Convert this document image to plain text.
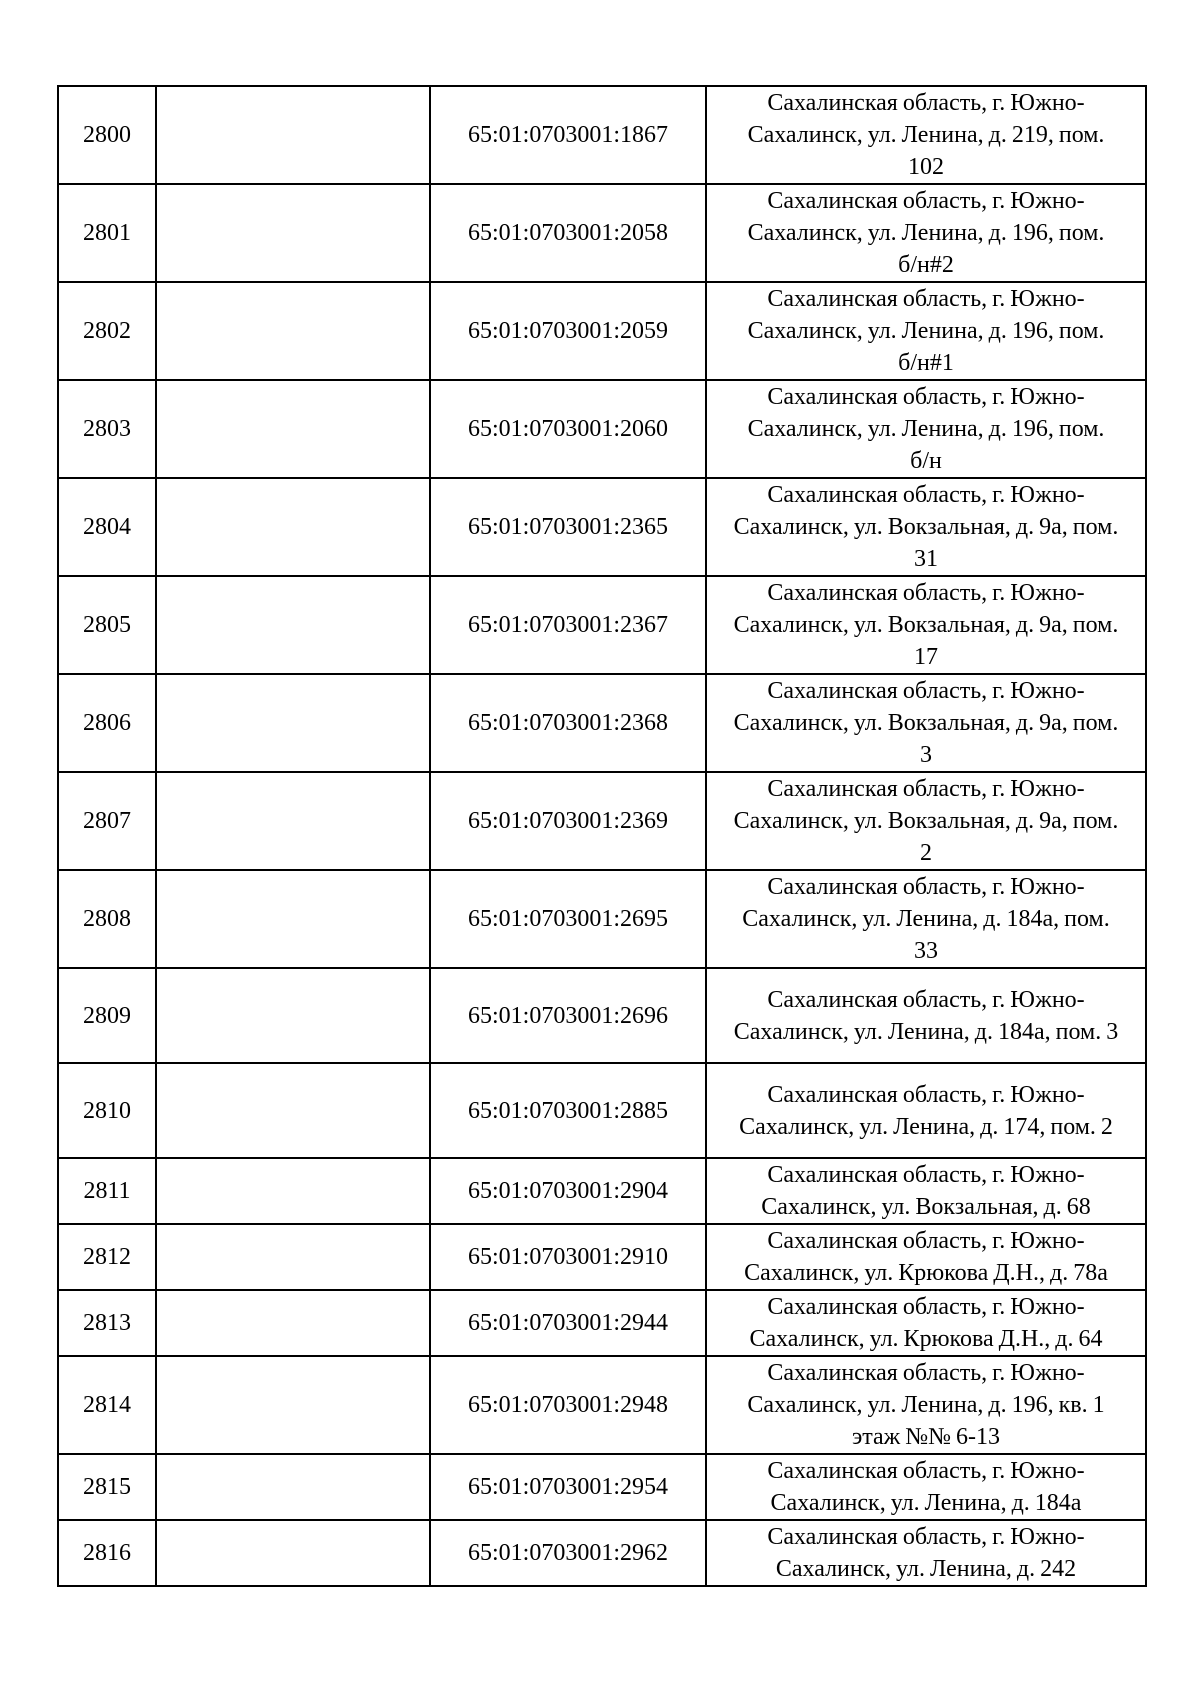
2800		65:01:0703001:1867	Сахалинская область, г. Южно-
Сахалинск, ул. Ленина, д. 219, пом.
102
2801		65:01:0703001:2058	Сахалинская область, г. Южно-
Сахалинск, ул. Ленина, д. 196, пом.
б/н#2
2802		65:01:0703001:2059	Сахалинская область, г. Южно-
Сахалинск, ул. Ленина, д. 196, пом.
б/н#1
2803		65:01:0703001:2060	Сахалинская область, г. Южно-
Сахалинск, ул. Ленина, д. 196, пом.
б/н
2804		65:01:0703001:2365	Сахалинская область, г. Южно-
Сахалинск, ул. Вокзальная, д. 9а, пом.
31
2805		65:01:0703001:2367	Сахалинская область, г. Южно-
Сахалинск, ул. Вокзальная, д. 9а, пом.
17
2806		65:01:0703001:2368	Сахалинская область, г. Южно-
Сахалинск, ул. Вокзальная, д. 9а, пом.
3
2807		65:01:0703001:2369	Сахалинская область, г. Южно-
Сахалинск, ул. Вокзальная, д. 9а, пом.
2
2808		65:01:0703001:2695	Сахалинская область, г. Южно-
Сахалинск, ул. Ленина, д. 184а, пом.
33
2809		65:01:0703001:2696	Сахалинская область, г. Южно-
Сахалинск, ул. Ленина, д. 184а, пом. 3
2810		65:01:0703001:2885	Сахалинская область, г. Южно-
Сахалинск, ул. Ленина, д. 174, пом. 2
2811		65:01:0703001:2904	Сахалинская область, г. Южно-
Сахалинск, ул. Вокзальная, д. 68
2812		65:01:0703001:2910	Сахалинская область, г. Южно-
Сахалинск, ул. Крюкова Д.Н., д. 78а
2813		65:01:0703001:2944	Сахалинская область, г. Южно-
Сахалинск, ул. Крюкова Д.Н., д. 64
2814		65:01:0703001:2948	Сахалинская область, г. Южно-
Сахалинск, ул. Ленина, д. 196, кв. 1
этаж №№ 6-13
2815		65:01:0703001:2954	Сахалинская область, г. Южно-
Сахалинск, ул. Ленина, д. 184а
2816		65:01:0703001:2962	Сахалинская область, г. Южно-
Сахалинск, ул. Ленина, д. 242
